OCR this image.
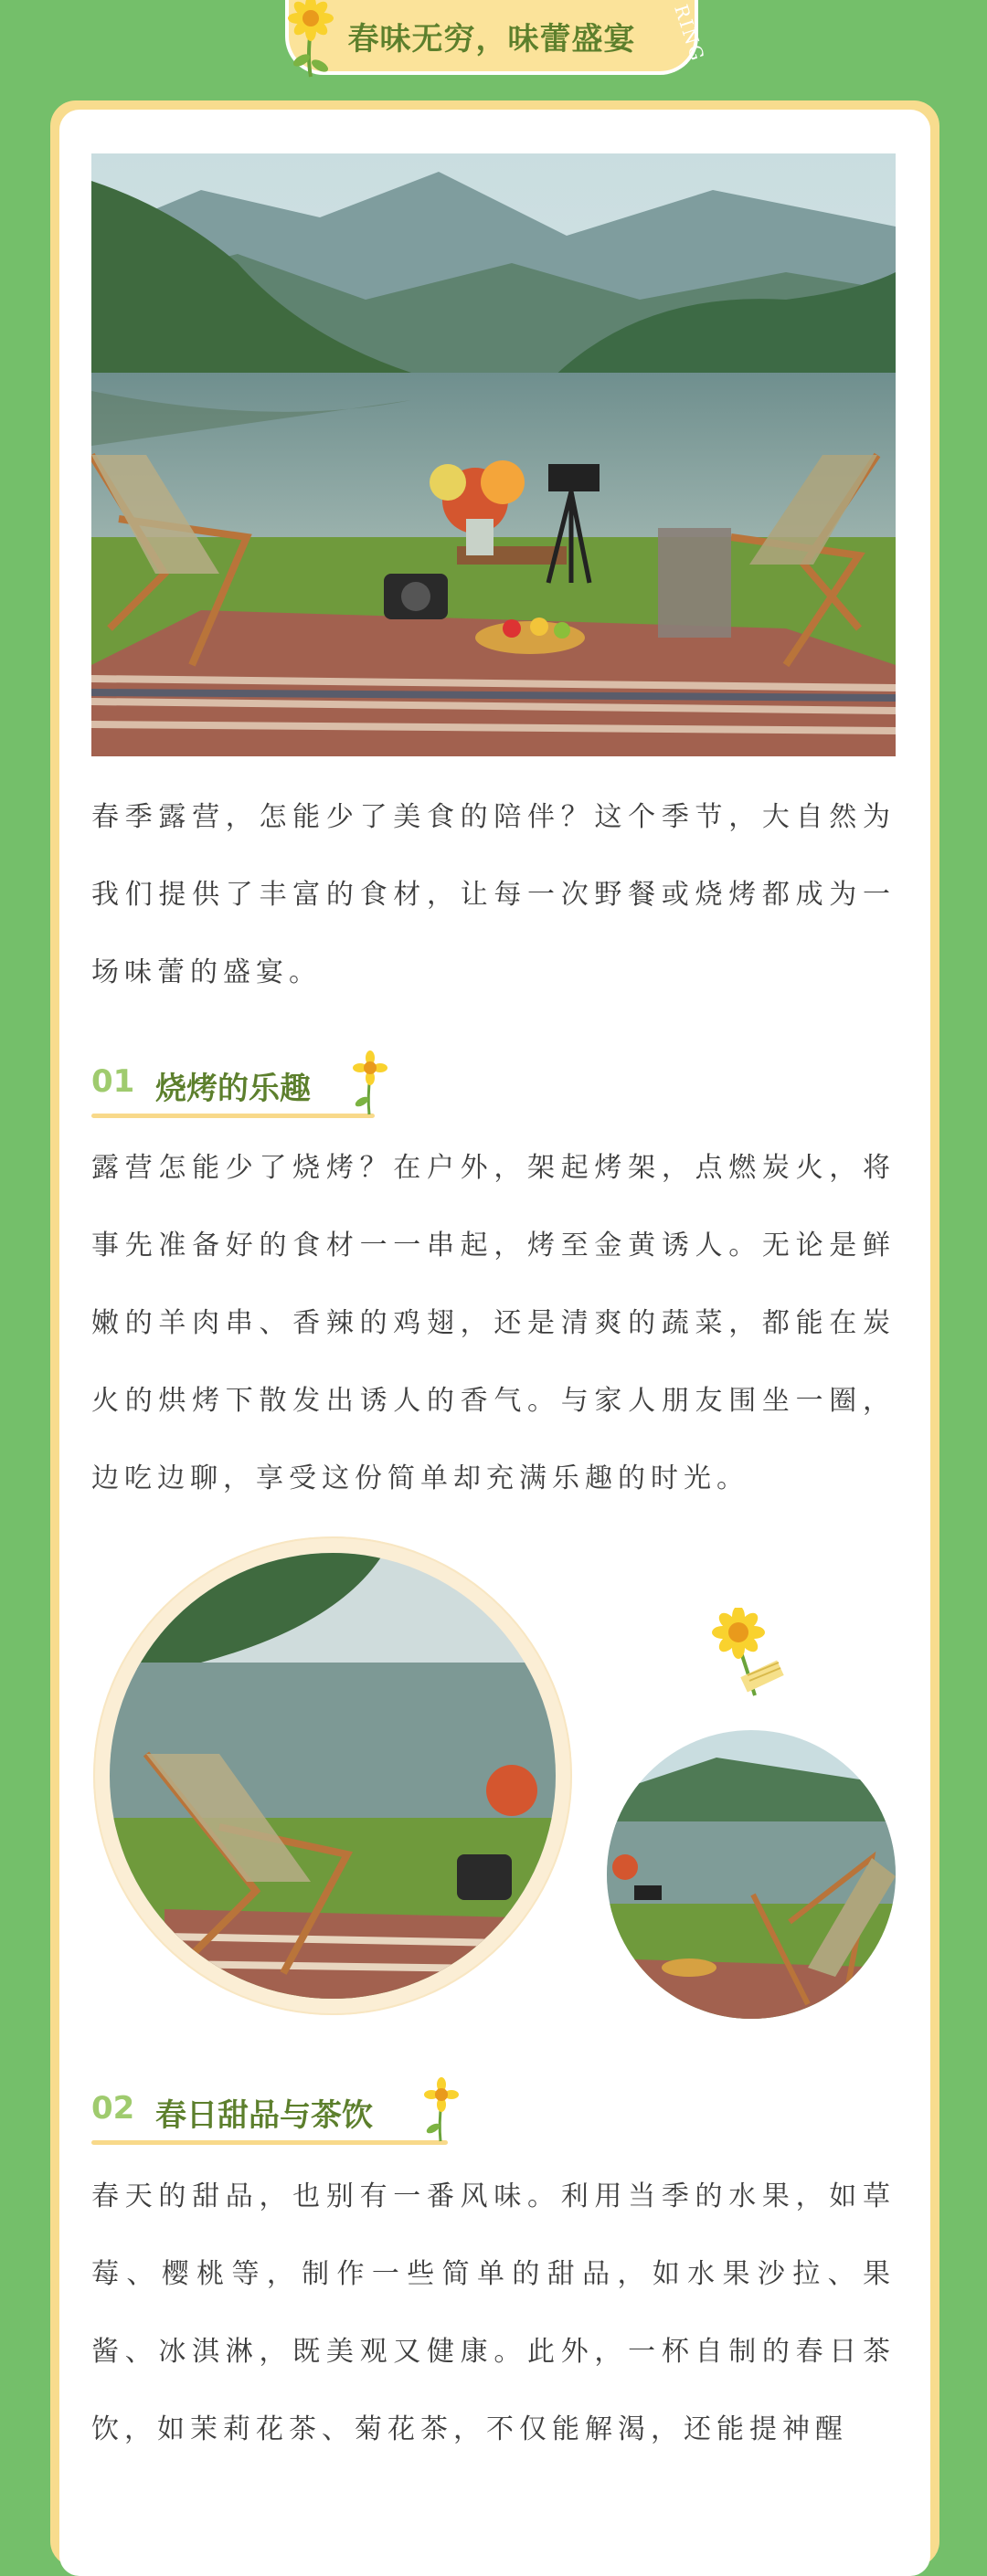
春味无穷，味蕾盛宴 RING

春季露营，怎能少了美食的陪伴？这个季节，大自然为我们提供了丰富的食材，让每一次野餐或烧烤都成为一场味蕾的盛宴。

01 烧烤的乐趣

露营怎能少了烧烤？在户外，架起烤架，点燃炭火，将事先准备好的食材一一串起，烤至金黄诱人。无论是鲜嫩的羊肉串、香辣的鸡翅，还是清爽的蔬菜，都能在炭火的烘烤下散发出诱人的香气。与家人朋友围坐一圈，边吃边聊，享受这份简单却充满乐趣的时光。

02 春日甜品与茶饮

春天的甜品，也别有一番风味。利用当季的水果，如草莓、樱桃等，制作一些简单的甜品，如水果沙拉、果酱、冰淇淋，既美观又健康。此外，一杯自制的春日茶饮，如茉莉花茶、菊花茶，不仅能解渴，还能提神醒
